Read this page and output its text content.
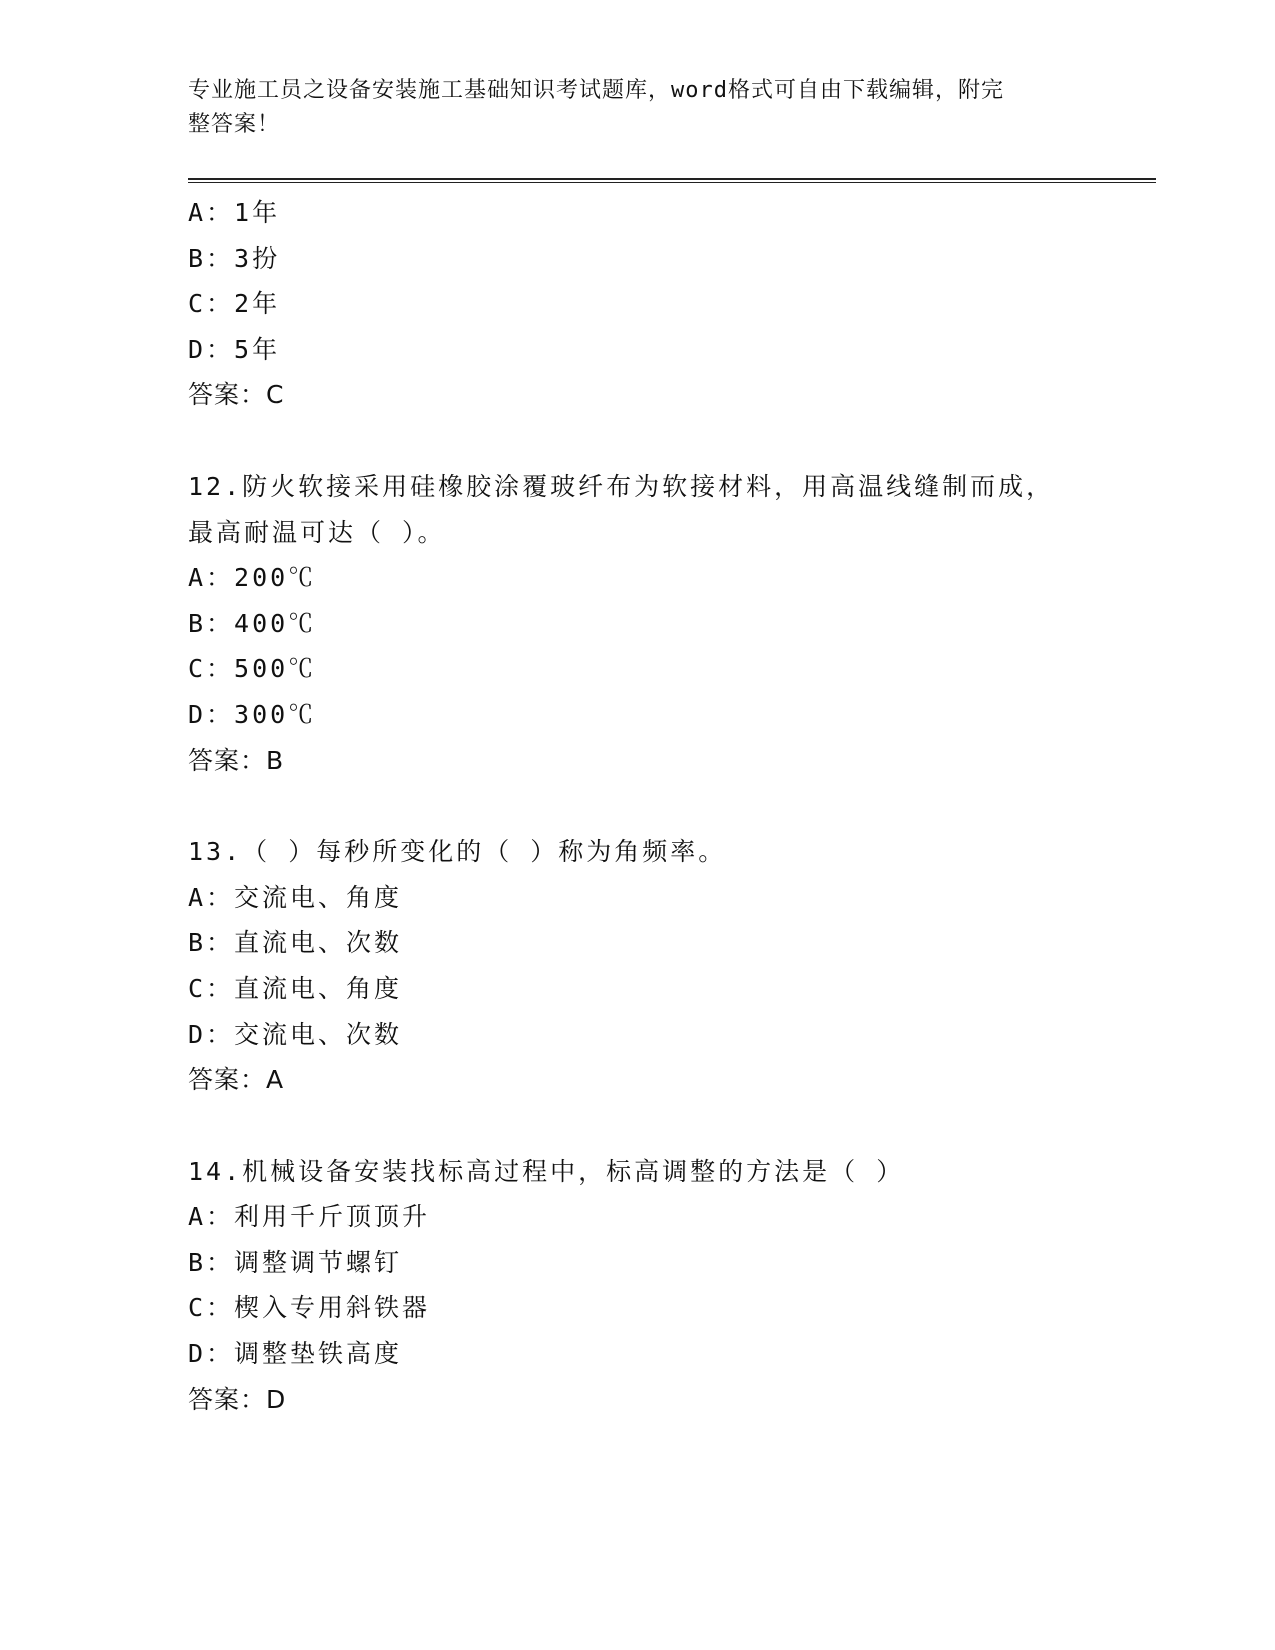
专业施工员之设备安装施工基础知识考试题库，word格式可自由下载编辑，附完
整答案！
A：1年
B：3扮
C：2年
D：5年
答案：C
12.防火软接采用硅橡胶涂覆玻纤布为软接材料，用高温线缝制而成，
最高耐温可达（ ）。
A：200℃
B：400℃
C：500℃
D：300℃
答案：B
13.（ ）每秒所变化的（ ）称为角频率。
A：交流电、角度
B：直流电、次数
C：直流电、角度
D：交流电、次数
答案：A
14.机械设备安装找标高过程中，标高调整的方法是（ ）
A：利用千斤顶顶升
B：调整调节螺钉
C：楔入专用斜铁器
D：调整垫铁高度
答案：D
